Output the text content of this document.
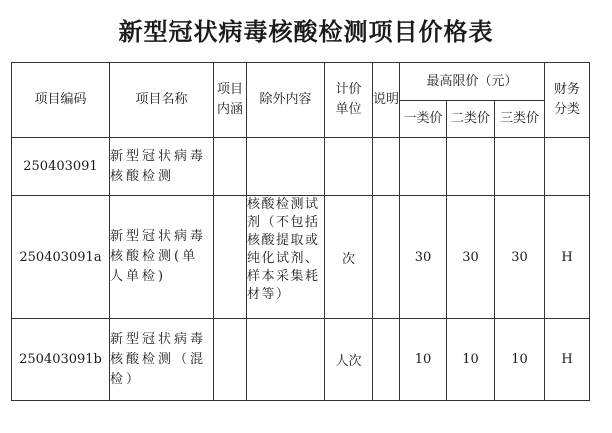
新型冠状病毒核酸检测项目价格表
项目编码	项目名称	项目内涵	除外内容	计价单位	说明	最高限价（元）			财务分类

						一类价	二类价	三类价	
250403091	新型冠状病毒核酸检测								
250403091a	新型冠状病毒核酸检测(单人单检)		核酸检测试剂（不包括核酸提取或纯化试剂、样本采集耗材等）	次		30	30	30	H
250403091b	新型冠状病毒核酸检测（混检）			人次		10	10	10	H
